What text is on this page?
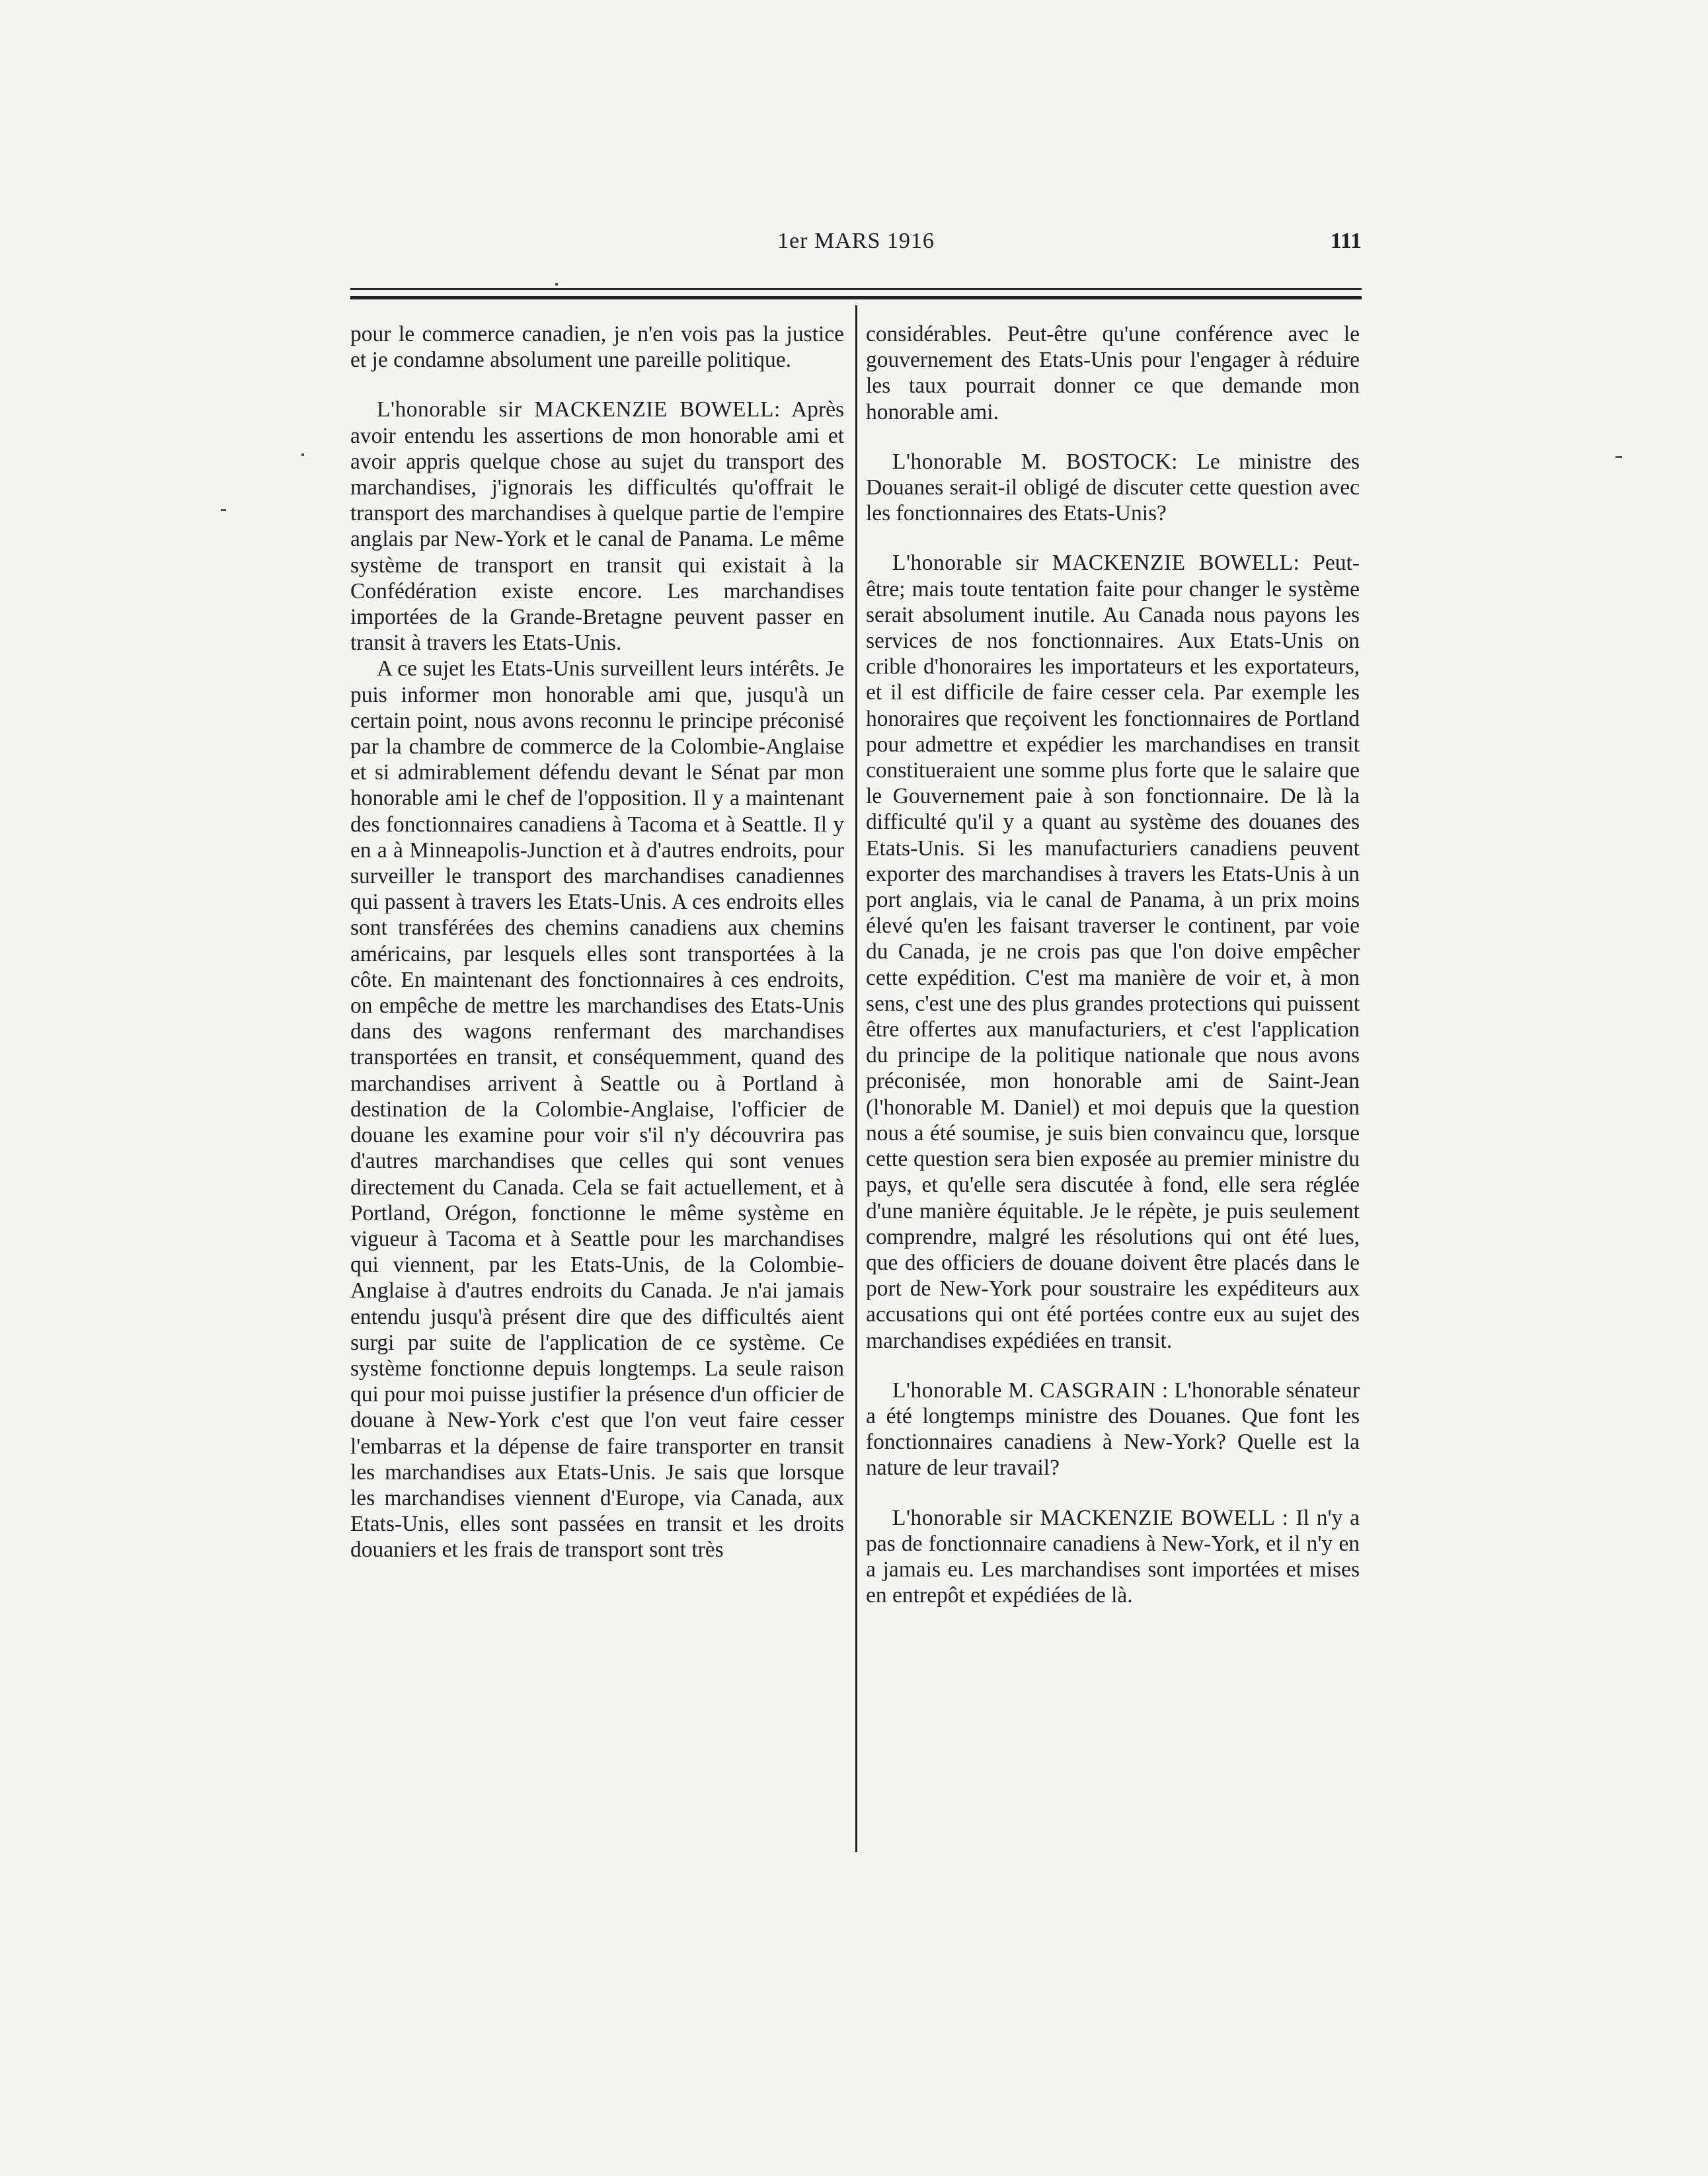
1er MARS 1916	111

pour le commerce canadien, je n'en vois pas la justice et je condamne absolument une pareille politique.

L'honorable sir MACKENZIE BOWELL: Après avoir entendu les assertions de mon honorable ami et avoir appris quelque chose au sujet du transport des marchandises, j'ignorais les difficultés qu'offrait le transport des marchandises à quelque partie de l'empire anglais par New-York et le canal de Panama. Le même système de transport en transit qui existait à la Confédération existe encore. Les marchandises importées de la Grande-Bretagne peuvent passer en transit à travers les Etats-Unis.

A ce sujet les Etats-Unis surveillent leurs intérêts. Je puis informer mon honorable ami que, jusqu'à un certain point, nous avons reconnu le principe préconisé par la chambre de commerce de la Colombie-Anglaise et si admirablement défendu devant le Sénat par mon honorable ami le chef de l'opposition. Il y a maintenant des fonctionnaires canadiens à Tacoma et à Seattle. Il y en a à Minneapolis-Junction et à d'autres endroits, pour surveiller le transport des marchandises canadiennes qui passent à travers les Etats-Unis. A ces endroits elles sont transférées des chemins canadiens aux chemins américains, par lesquels elles sont transportées à la côte. En maintenant des fonctionnaires à ces endroits, on empêche de mettre les marchandises des Etats-Unis dans des wagons renfermant des marchandises transportées en transit, et conséquemment, quand des marchandises arrivent à Seattle ou à Portland à destination de la Colombie-Anglaise, l'officier de douane les examine pour voir s'il n'y découvrira pas d'autres marchandises que celles qui sont venues directement du Canada. Cela se fait actuellement, et à Portland, Orégon, fonctionne le même système en vigueur à Tacoma et à Seattle pour les marchandises qui viennent, par les Etats-Unis, de la Colombie-Anglaise à d'autres endroits du Canada. Je n'ai jamais entendu jusqu'à présent dire que des difficultés aient surgi par suite de l'application de ce système. Ce système fonctionne depuis longtemps. La seule raison qui pour moi puisse justifier la présence d'un officier de douane à New-York c'est que l'on veut faire cesser l'embarras et la dépense de faire transporter en transit les marchandises aux Etats-Unis. Je sais que lorsque les marchandises viennent d'Europe, via Canada, aux Etats-Unis, elles sont passées en transit et les droits douaniers et les frais de transport sont très

considérables. Peut-être qu'une conférence avec le gouvernement des Etats-Unis pour l'engager à réduire les taux pourrait donner ce que demande mon honorable ami.

L'honorable M. BOSTOCK: Le ministre des Douanes serait-il obligé de discuter cette question avec les fonctionnaires des Etats-Unis?

L'honorable sir MACKENZIE BOWELL: Peut-être; mais toute tentation faite pour changer le système serait absolument inutile. Au Canada nous payons les services de nos fonctionnaires. Aux Etats-Unis on crible d'honoraires les importateurs et les exportateurs, et il est difficile de faire cesser cela. Par exemple les honoraires que reçoivent les fonctionnaires de Portland pour admettre et expédier les marchandises en transit constitueraient une somme plus forte que le salaire que le Gouvernement paie à son fonctionnaire. De là la difficulté qu'il y a quant au système des douanes des Etats-Unis. Si les manufacturiers canadiens peuvent exporter des marchandises à travers les Etats-Unis à un port anglais, via le canal de Panama, à un prix moins élevé qu'en les faisant traverser le continent, par voie du Canada, je ne crois pas que l'on doive empêcher cette expédition. C'est ma manière de voir et, à mon sens, c'est une des plus grandes protections qui puissent être offertes aux manufacturiers, et c'est l'application du principe de la politique nationale que nous avons préconisée, mon honorable ami de Saint-Jean (l'honorable M. Daniel) et moi depuis que la question nous a été soumise, je suis bien convaincu que, lorsque cette question sera bien exposée au premier ministre du pays, et qu'elle sera discutée à fond, elle sera réglée d'une manière équitable. Je le répète, je puis seulement comprendre, malgré les résolutions qui ont été lues, que des officiers de douane doivent être placés dans le port de New-York pour soustraire les expéditeurs aux accusations qui ont été portées contre eux au sujet des marchandises expédiées en transit.

L'honorable M. CASGRAIN : L'honorable sénateur a été longtemps ministre des Douanes. Que font les fonctionnaires canadiens à New-York? Quelle est la nature de leur travail?

L'honorable sir MACKENZIE BOWELL : Il n'y a pas de fonctionnaire canadiens à New-York, et il n'y en a jamais eu. Les marchandises sont importées et mises en entrepôt et expédiées de là.
